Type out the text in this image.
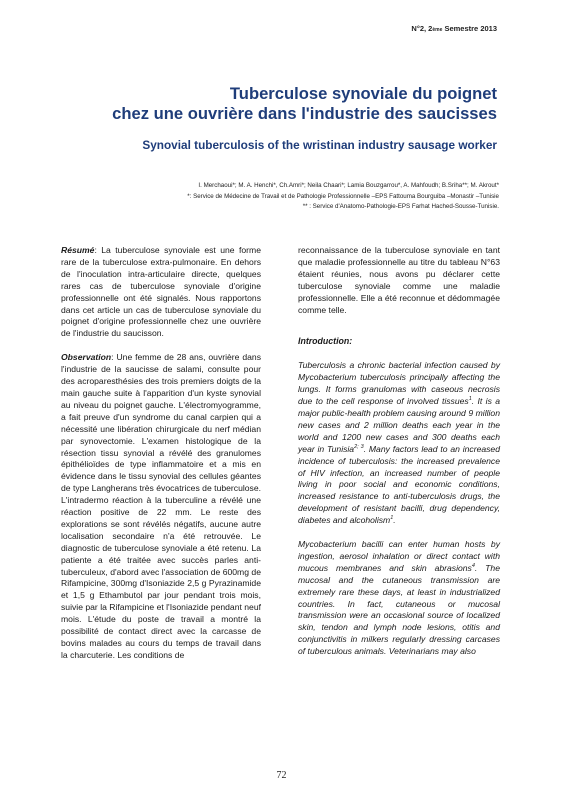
N°2, 2ème Semestre 2013
Tuberculose synoviale du poignet
chez une ouvrière dans l'industrie des saucisses
Synovial tuberculosis of the wristinan industry sausage worker
I. Merchaoui*; M. A. Henchi*, Ch.Amri*; Neila Chaari*; Lamia Bouzgarrou*, A. Mahfoudh; B.Sriha**; M. Akrout*
*: Service de Médecine de Travail et de Pathologie Professionnelle –EPS Fattouma Bourguiba –Monastir –Tunisie
** : Service d'Anatomo-Pathologie-EPS Farhat Hached-Sousse-Tunisie.

Résumé: La tuberculose synoviale est une forme rare de la tuberculose extra-pulmonaire. En dehors de l'inoculation intra-articulaire directe, quelques rares cas de tuberculose synoviale d'origine professionnelle ont été signalés. Nous rapportons dans cet article un cas de tuberculose synoviale du poignet d'origine professionnelle chez une ouvrière de l'industrie du saucisson.

Observation: Une femme de 28 ans, ouvrière dans l'industrie de la saucisse de salami, consulte pour des acroparesthésies des trois premiers doigts de la main gauche suite à l'apparition d'un kyste synovial au niveau du poignet gauche. L'électromyogramme, a fait preuve d'un syndrome du canal carpien qui a nécessité une libération chirurgicale du nerf médian par synovectomie. L'examen histologique de la résection tissu synovial a révélé des granulomes épithélioïdes de type inflammatoire et a mis en évidence dans le tissu synovial des cellules géantes de type Langherans très évocatrices de tuberculose. L'intradermo réaction à la tuberculine a révélé une réaction positive de 22 mm. Le reste des explorations se sont révélés négatifs, aucune autre localisation secondaire n'a été retrouvée. Le diagnostic de tuberculose synoviale a été retenu. La patiente a été traitée avec succès parles anti-tuberculeux, d'abord avec l'association de 600mg de Rifampicine, 300mg d'Isoniazide 2,5 g Pyrazinamide et 1,5 g Ethambutol par jour pendant trois mois, suivie par la Rifampicine et l'Isoniazide pendant neuf mois. L'étude du poste de travail a montré la possibilité de contact direct avec la carcasse de bovins malades au cours du temps de travail dans la charcuterie. Les conditions de

reconnaissance de la tuberculose synoviale en tant que maladie professionnelle au titre du tableau N°63 étaient réunies, nous avons pu déclarer cette tuberculose synoviale comme une maladie professionnelle. Elle a été reconnue et dédommagée comme telle.

Introduction:

Tuberculosis a chronic bacterial infection caused by Mycobacterium tuberculosis principally affecting the lungs. It forms granulomas with caseous necrosis due to the cell response of involved tissues$^1$. It is a major public-health problem causing around 9 million new cases and 2 million deaths each year in the world and 1200 new cases and 300 deaths each year in Tunisia$^{2; 3}$. Many factors lead to an increased incidence of tuberculosis: the increased prevalence of HIV infection, an increased number of people living in poor social and economic conditions, increased resistance to anti-tuberculosis drugs, the development of resistant bacilli, drug dependency, diabetes and alcoholism$^1$.

Mycobacterium bacilli can enter human hosts by ingestion, aerosol inhalation or direct contact with mucous membranes and skin abrasions$^4$. The mucosal and the cutaneous transmission are extremely rare these days, at least in industrialized countries. In fact, cutaneous or mucosal transmission were an occasional source of localized skin, tendon and lymph node lesions, otitis and conjunctivitis in milkers regularly dressing carcases of tuberculous animals. Veterinarians may also

72
